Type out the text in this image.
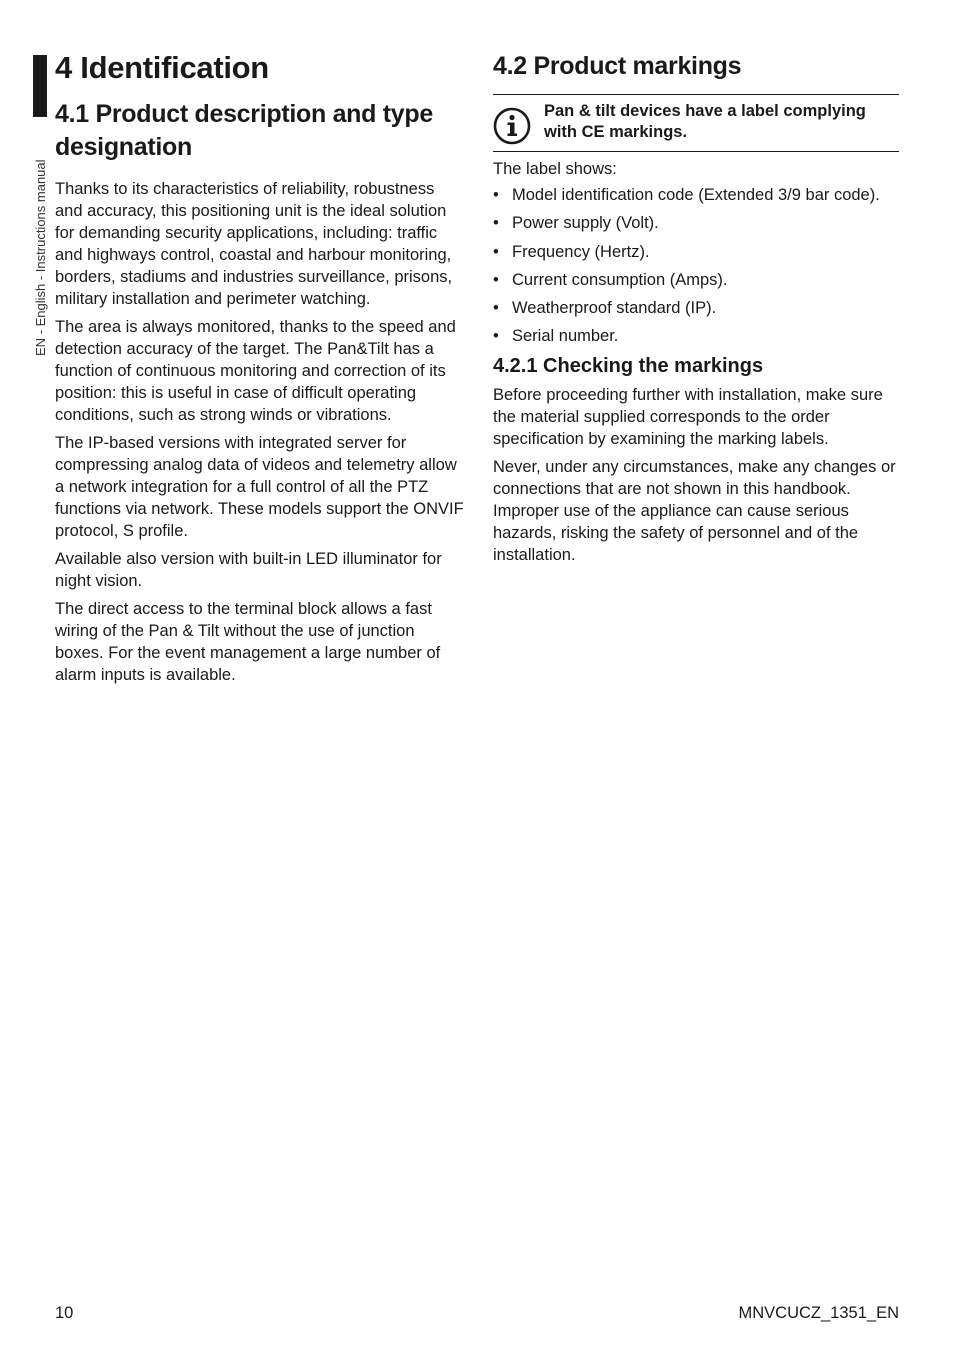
EN - English - Instructions manual
4 Identification
4.1 Product description and type designation

Thanks to its characteristics of reliability, robustness and accuracy, this positioning unit is the ideal solution for demanding security applications, including: traffic and highways control, coastal and harbour monitoring, borders, stadiums and industries surveillance, prisons, military installation and perimeter watching.

The area is always monitored, thanks to the speed and detection accuracy of the target. The Pan&Tilt has a function of continuous monitoring and correction of its position: this is useful in case of difficult operating conditions, such as strong winds or vibrations.

The IP-based versions with integrated server for compressing analog data of videos and telemetry allow a network integration for a full control of all the PTZ functions via network. These models support the ONVIF protocol, S profile.

Available also version with built-in LED illuminator for night vision.

The direct access to the terminal block allows a fast wiring of the Pan & Tilt without the use of junction boxes. For the event management a large number of alarm inputs is available.

4.2 Product markings
Pan & tilt devices have a label complying with CE markings.

The label shows:

• Model identification code (Extended 3/9 bar code).
• Power supply (Volt).
• Frequency (Hertz).
• Current consumption (Amps).
• Weatherproof standard (IP).
• Serial number.
4.2.1 Checking the markings

Before proceeding further with installation, make sure the material supplied corresponds to the order specification by examining the marking labels.

Never, under any circumstances, make any changes or connections that are not shown in this handbook. Improper use of the appliance can cause serious hazards, risking the safety of personnel and of the installation.

10	MNVCUCZ_1351_EN
